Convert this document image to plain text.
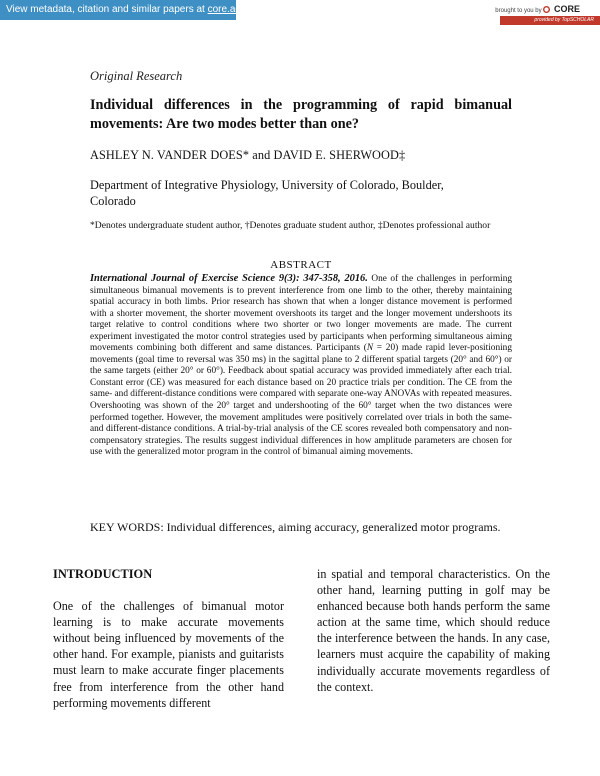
View metadata, citation and similar papers at core.ac.uk	brought to you by CORE
provided by TopSCHOLAR
Original Research
Individual differences in the programming of rapid bimanual movements: Are two modes better than one?
ASHLEY N. VANDER DOES* and DAVID E. SHERWOOD‡
Department of Integrative Physiology, University of Colorado, Boulder, Colorado
*Denotes undergraduate student author, †Denotes graduate student author, ‡Denotes professional author
ABSTRACT
International Journal of Exercise Science 9(3): 347-358, 2016. One of the challenges in performing simultaneous bimanual movements is to prevent interference from one limb to the other, thereby maintaining spatial accuracy in both limbs. Prior research has shown that when a longer distance movement is performed with a shorter movement, the shorter movement overshoots its target and the longer movement undershoots its target relative to control conditions where two shorter or two longer movements are made. The current experiment investigated the motor control strategies used by participants when performing simultaneous aiming movements combining both different and same distances. Participants (N = 20) made rapid lever-positioning movements (goal time to reversal was 350 ms) in the sagittal plane to 2 different spatial targets (20° and 60°) or the same targets (either 20° or 60°). Feedback about spatial accuracy was provided immediately after each trial. Constant error (CE) was measured for each distance based on 20 practice trials per condition. The CE from the same- and different-distance conditions were compared with separate one-way ANOVAs with repeated measures. Overshooting was shown of the 20° target and undershooting of the 60° target when the two distances were performed together. However, the movement amplitudes were positively correlated over trials in both the same- and different-distance conditions. A trial-by-trial analysis of the CE scores revealed both compensatory and non-compensatory strategies. The results suggest individual differences in how amplitude parameters are chosen for use with the generalized motor program in the control of bimanual aiming movements.
KEY WORDS: Individual differences, aiming accuracy, generalized motor programs.
INTRODUCTION
One of the challenges of bimanual motor learning is to make accurate movements without being influenced by movements of the other hand. For example, pianists and guitarists must learn to make accurate finger placements free from interference from the other hand performing movements different
in spatial and temporal characteristics. On the other hand, learning putting in golf may be enhanced because both hands perform the same action at the same time, which should reduce the interference between the hands. In any case, learners must acquire the capability of making individually accurate movements regardless of the context.
